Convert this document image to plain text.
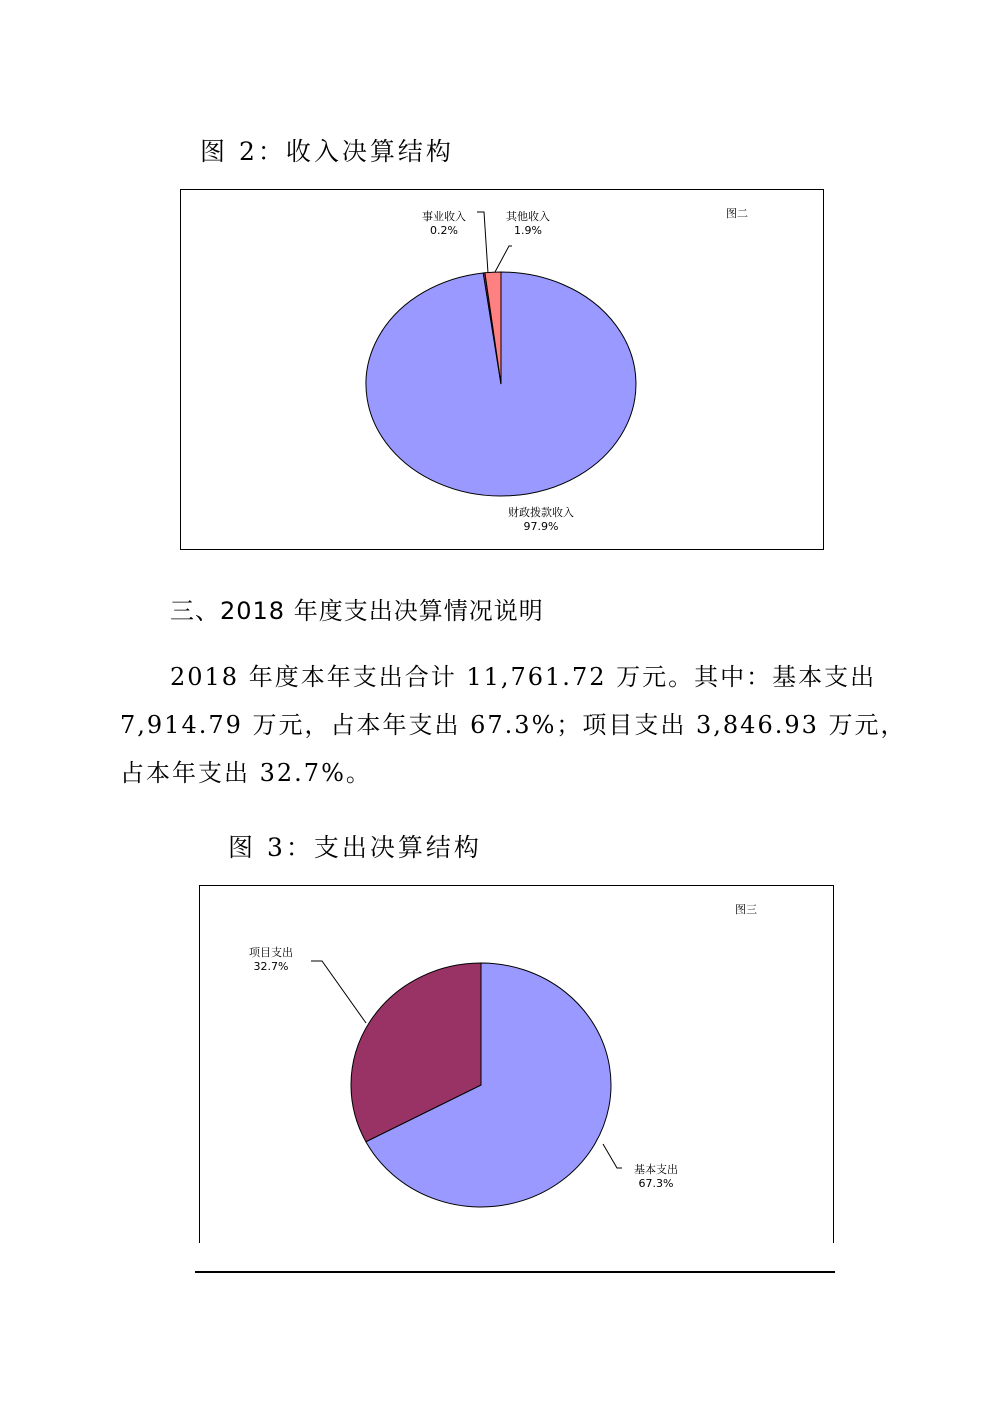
图 2：收入决算结构
图二
其他收入
1.9%
事业收入
0.2%
财政拨款收入
97.9%
三、2018 年度支出决算情况说明
2018 年度本年支出合计 11,761.72 万元。其中：基本支出
7,914.79 万元，占本年支出 67.3%；项目支出 3,846.93 万元，
占本年支出 32.7%。
图 3：支出决算结构
图三
项目支出
32.7%
基本支出
67.3%
